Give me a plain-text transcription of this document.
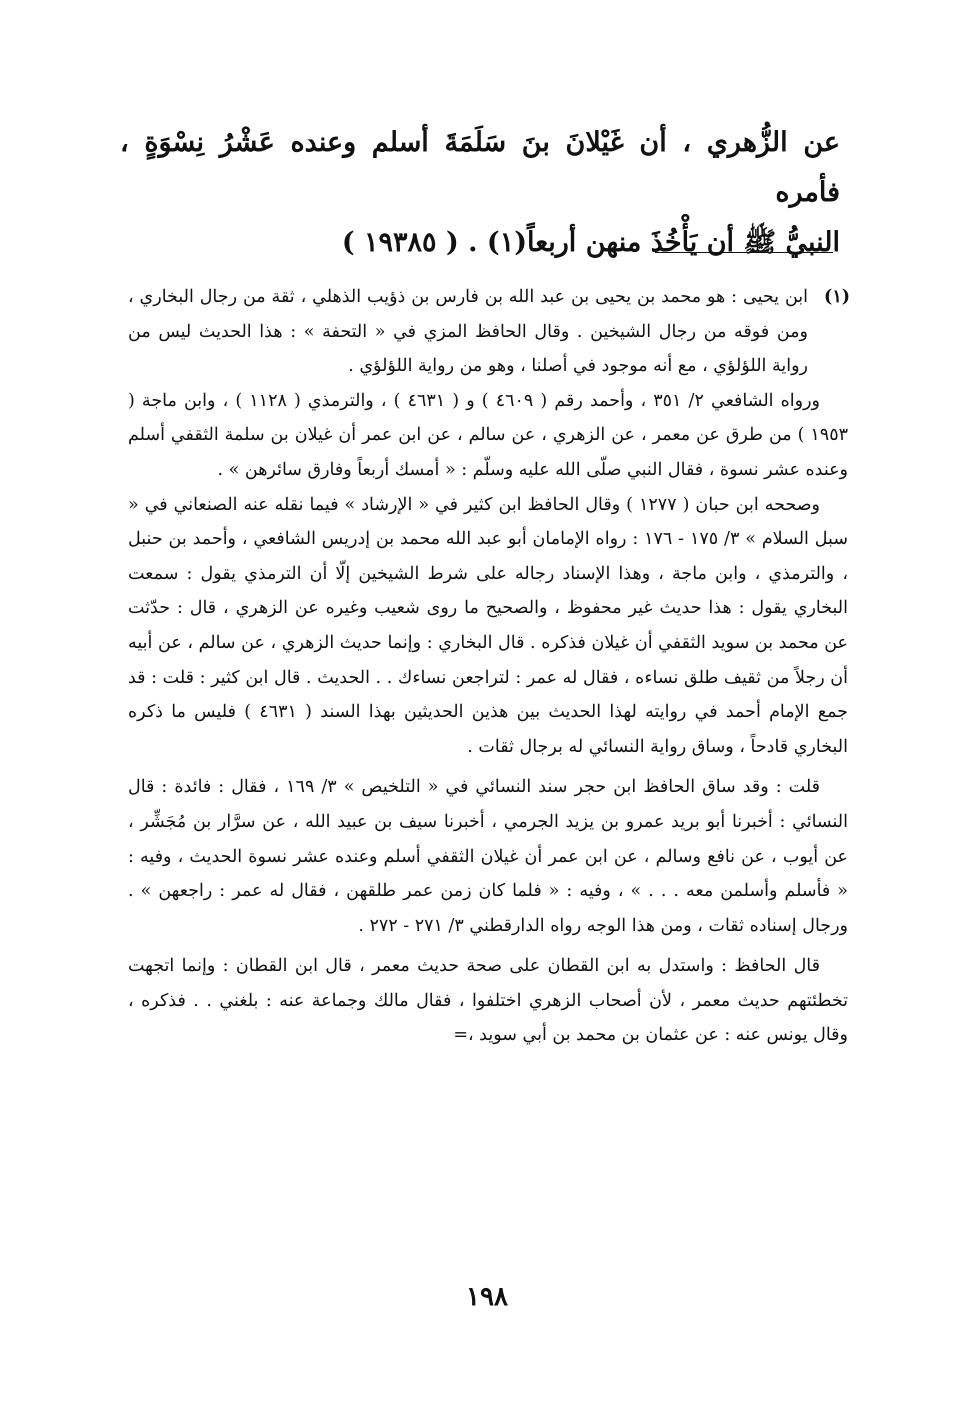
عن الزُّهري ، أن غَيْلانَ بنَ سَلَمَةَ أسلم وعنده عَشْرُ نِسْوَةٍ ، فأمره

النبيُّ ﷺ أن يَأْخُذَ منهن أربعاً(١) . ( ١٩٣٨٥ )

(١)
ابن يحيى : هو محمد بن يحيى بن عبد الله بن فارس بن ذؤيب الذهلي ، ثقة من رجال البخاري ، ومن فوقه من رجال الشيخين . وقال الحافظ المزي في « التحفة » : هذا الحديث ليس من رواية اللؤلؤي ، مع أنه موجود في أصلنا ، وهو من رواية اللؤلؤي .

ورواه الشافعي ٢/ ٣٥١ ، وأحمد رقم ( ٤٦٠٩ ) و ( ٤٦٣١ ) ، والترمذي ( ١١٢٨ ) ، وابن ماجة ( ١٩٥٣ ) من طرق عن معمر ، عن الزهري ، عن سالم ، عن ابن عمر أن غيلان بن سلمة الثقفي أسلم وعنده عشر نسوة ، فقال النبي صلّى الله عليه وسلّم : « أمسك أربعاً وفارق سائرهن » .

وصححه ابن حبان ( ١٢٧٧ ) وقال الحافظ ابن كثير في « الإرشاد » فيما نقله عنه الصنعاني في « سبل السلام » ٣/ ١٧٥ - ١٧٦ : رواه الإمامان أبو عبد الله محمد بن إدريس الشافعي ، وأحمد بن حنبل ، والترمذي ، وابن ماجة ، وهذا الإسناد رجاله على شرط الشيخين إلّا أن الترمذي يقول : سمعت البخاري يقول : هذا حديث غير محفوظ ، والصحيح ما روى شعيب وغيره عن الزهري ، قال : حدّثت عن محمد بن سويد الثقفي أن غيلان فذكره . قال البخاري : وإنما حديث الزهري ، عن سالم ، عن أبيه أن رجلاً من ثقيف طلق نساءه ، فقال له عمر : لتراجعن نساءك . . الحديث . قال ابن كثير : قلت : قد جمع الإمام أحمد في روايته لهذا الحديث بين هذين الحديثين بهذا السند ( ٤٦٣١ ) فليس ما ذكره البخاري قادحاً ، وساق رواية النسائي له برجال ثقات .

قلت : وقد ساق الحافظ ابن حجر سند النسائي في « التلخيص » ٣/ ١٦٩ ، فقال : فائدة : قال النسائي : أخبرنا أبو بريد عمرو بن يزيد الجرمي ، أخبرنا سيف بن عبيد الله ، عن سرَّار بن مُجَشِّر ، عن أيوب ، عن نافع وسالم ، عن ابن عمر أن غيلان الثقفي أسلم وعنده عشر نسوة الحديث ، وفيه : « فأسلم وأسلمن معه . . . » ، وفيه : « فلما كان زمن عمر طلقهن ، فقال له عمر : راجعهن » . ورجال إسناده ثقات ، ومن هذا الوجه رواه الدارقطني ٣/ ٢٧١ - ٢٧٢ .

قال الحافظ : واستدل به ابن القطان على صحة حديث معمر ، قال ابن القطان : وإنما اتجهت تخطئتهم حديث معمر ، لأن أصحاب الزهري اختلفوا ، فقال مالك وجماعة عنه : بلغني . . فذكره ، وقال يونس عنه : عن عثمان بن محمد بن أبي سويد ،=

١٩٨
